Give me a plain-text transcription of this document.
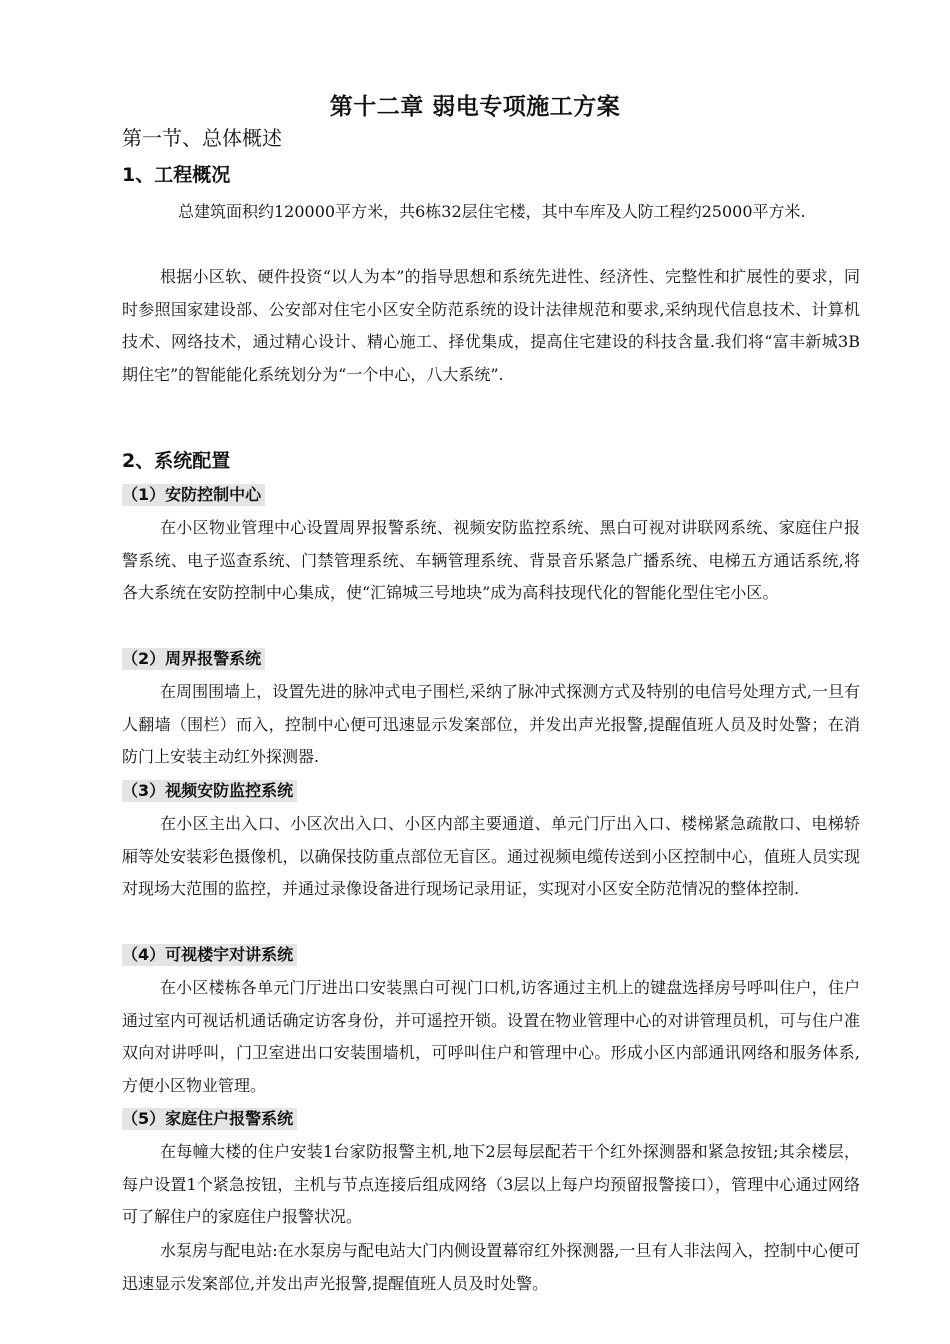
第十二章 弱电专项施工方案
第一节、总体概述
1、工程概况

总建筑面积约120000平方米，共6栋32层住宅楼，其中车库及人防工程约25000平方米.

根据小区软、硬件投资“以人为本”的指导思想和系统先进性、经济性、完整性和扩展性的要求，同时参照国家建设部、公安部对住宅小区安全防范系统的设计法律规范和要求,采纳现代信息技术、计算机技术、网络技术，通过精心设计、精心施工、择优集成，提高住宅建设的科技含量.我们将“富丰新城3B期住宅”的智能能化系统划分为“一个中心，八大系统”.

2、系统配置
（1）安防控制中心

在小区物业管理中心设置周界报警系统、视频安防监控系统、黑白可视对讲联网系统、家庭住户报警系统、电子巡查系统、门禁管理系统、车辆管理系统、背景音乐紧急广播系统、电梯五方通话系统,将各大系统在安防控制中心集成，使“汇锦城三号地块”成为高科技现代化的智能化型住宅小区。

（2）周界报警系统

在周围围墙上，设置先进的脉冲式电子围栏,采纳了脉冲式探测方式及特别的电信号处理方式,一旦有人翻墙（围栏）而入，控制中心便可迅速显示发案部位，并发出声光报警,提醒值班人员及时处警；在消防门上安装主动红外探测器.

（3）视频安防监控系统

在小区主出入口、小区次出入口、小区内部主要通道、单元门厅出入口、楼梯紧急疏散口、电梯轿厢等处安装彩色摄像机，以确保技防重点部位无盲区。通过视频电缆传送到小区控制中心，值班人员实现对现场大范围的监控，并通过录像设备进行现场记录用证，实现对小区安全防范情况的整体控制.

（4）可视楼宇对讲系统

在小区楼栋各单元门厅进出口安装黑白可视门口机,访客通过主机上的键盘选择房号呼叫住户，住户通过室内可视话机通话确定访客身份，并可遥控开锁。设置在物业管理中心的对讲管理员机，可与住户准双向对讲呼叫，门卫室进出口安装围墙机，可呼叫住户和管理中心。形成小区内部通讯网络和服务体系,方便小区物业管理。

（5）家庭住户报警系统

在每幢大楼的住户安装1台家防报警主机,地下2层每层配若干个红外探测器和紧急按钮;其余楼层，每户设置1个紧急按钮，主机与节点连接后组成网络（3层以上每户均预留报警接口），管理中心通过网络可了解住户的家庭住户报警状况。

水泵房与配电站:在水泵房与配电站大门内侧设置幕帘红外探测器,一旦有人非法闯入，控制中心便可迅速显示发案部位,并发出声光报警,提醒值班人员及时处警。
